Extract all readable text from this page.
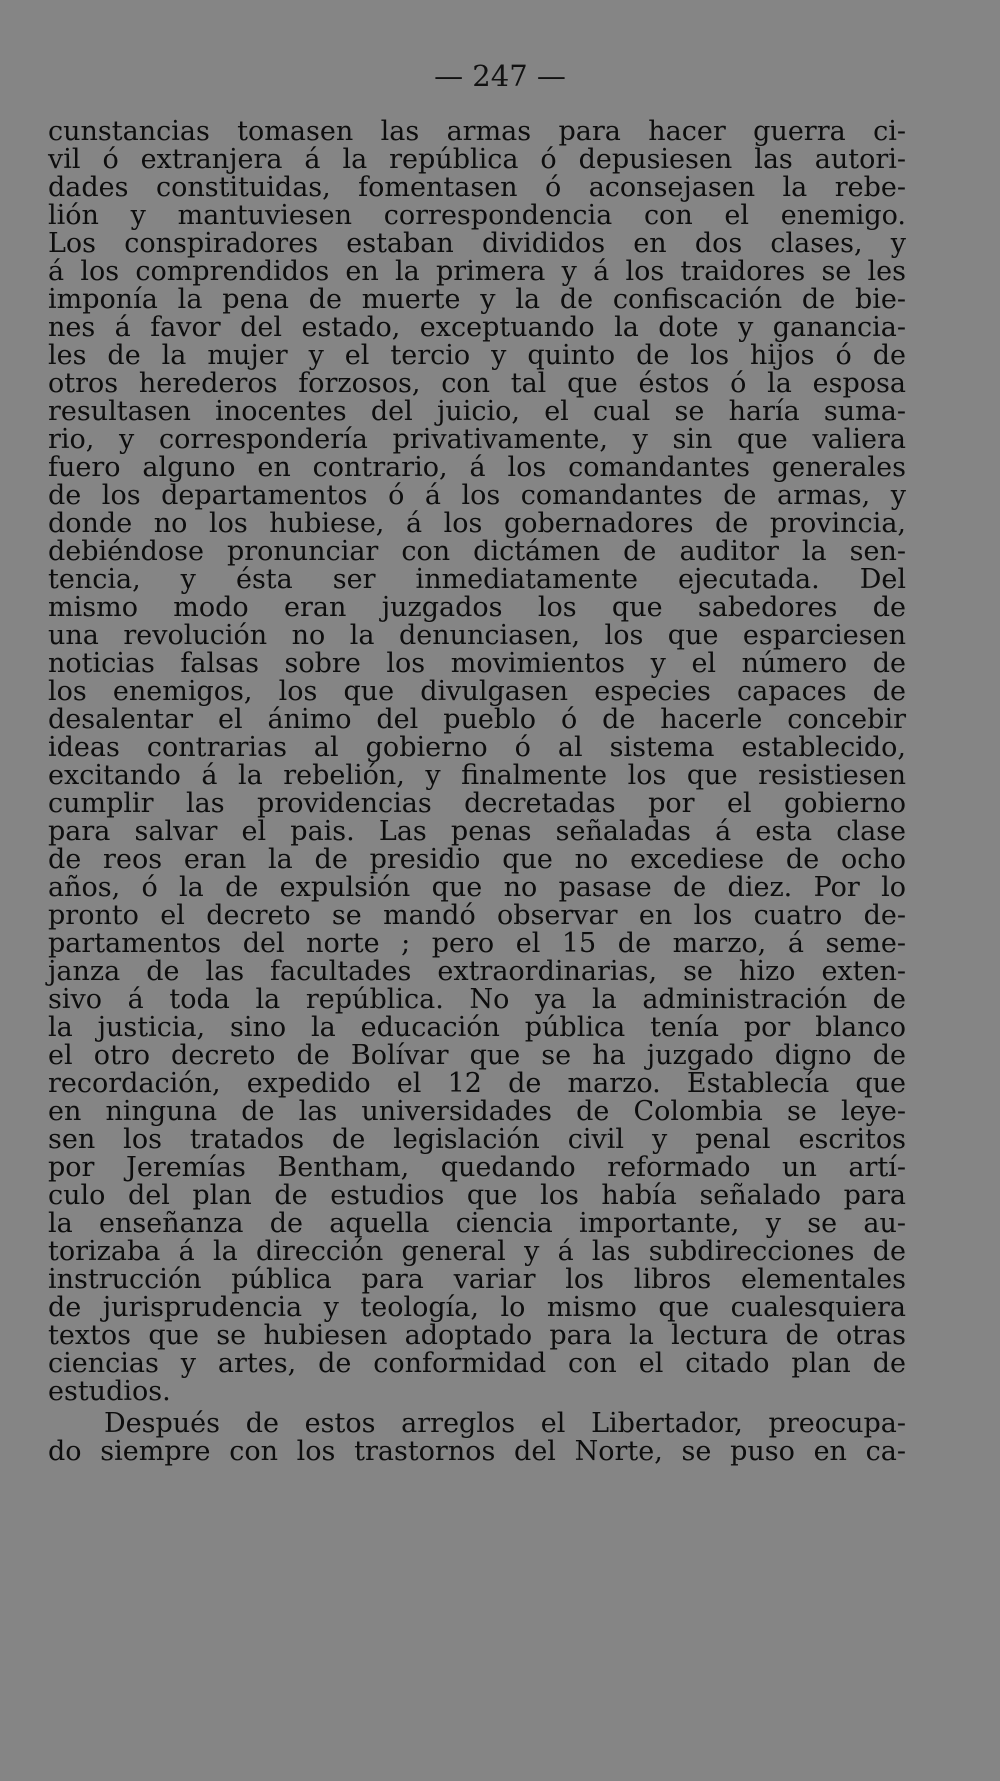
— 247 —
cunstancias tomasen las armas para hacer guerra ci-
vil ó extranjera á la república ó depusiesen las autori-
dades constituidas, fomentasen ó aconsejasen la rebe-
lión y mantuviesen correspondencia con el enemigo.
Los conspiradores estaban divididos en dos clases, y
á los comprendidos en la primera y á los traidores se les
imponía la pena de muerte y la de confiscación de bie-
nes á favor del estado, exceptuando la dote y ganancia-
les de la mujer y el tercio y quinto de los hijos ó de
otros herederos forzosos, con tal que éstos ó la esposa
resultasen inocentes del juicio, el cual se haría suma-
rio, y correspondería privativamente, y sin que valiera
fuero alguno en contrario, á los comandantes generales
de los departamentos ó á los comandantes de armas, y
donde no los hubiese, á los gobernadores de provincia,
debiéndose pronunciar con dictámen de auditor la sen-
tencia, y ésta ser inmediatamente ejecutada. Del
mismo modo eran juzgados los que sabedores de
una revolución no la denunciasen, los que esparciesen
noticias falsas sobre los movimientos y el número de
los enemigos, los que divulgasen especies capaces de
desalentar el ánimo del pueblo ó de hacerle concebir
ideas contrarias al gobierno ó al sistema establecido,
excitando á la rebelión, y finalmente los que resistiesen
cumplir las providencias decretadas por el gobierno
para salvar el pais. Las penas señaladas á esta clase
de reos eran la de presidio que no excediese de ocho
años, ó la de expulsión que no pasase de diez. Por lo
pronto el decreto se mandó observar en los cuatro de-
partamentos del norte ; pero el 15 de marzo, á seme-
janza de las facultades extraordinarias, se hizo exten-
sivo á toda la república. No ya la administración de
la justicia, sino la educación pública tenía por blanco
el otro decreto de Bolívar que se ha juzgado digno de
recordación, expedido el 12 de marzo. Establecía que
en ninguna de las universidades de Colombia se leye-
sen los tratados de legislación civil y penal escritos
por Jeremías Bentham, quedando reformado un artí-
culo del plan de estudios que los había señalado para
la enseñanza de aquella ciencia importante, y se au-
torizaba á la dirección general y á las subdirecciones de
instrucción pública para variar los libros elementales
de jurisprudencia y teología, lo mismo que cualesquiera
textos que se hubiesen adoptado para la lectura de otras
ciencias y artes, de conformidad con el citado plan de
estudios.
Después de estos arreglos el Libertador, preocupa-
do siempre con los trastornos del Norte, se puso en ca-
